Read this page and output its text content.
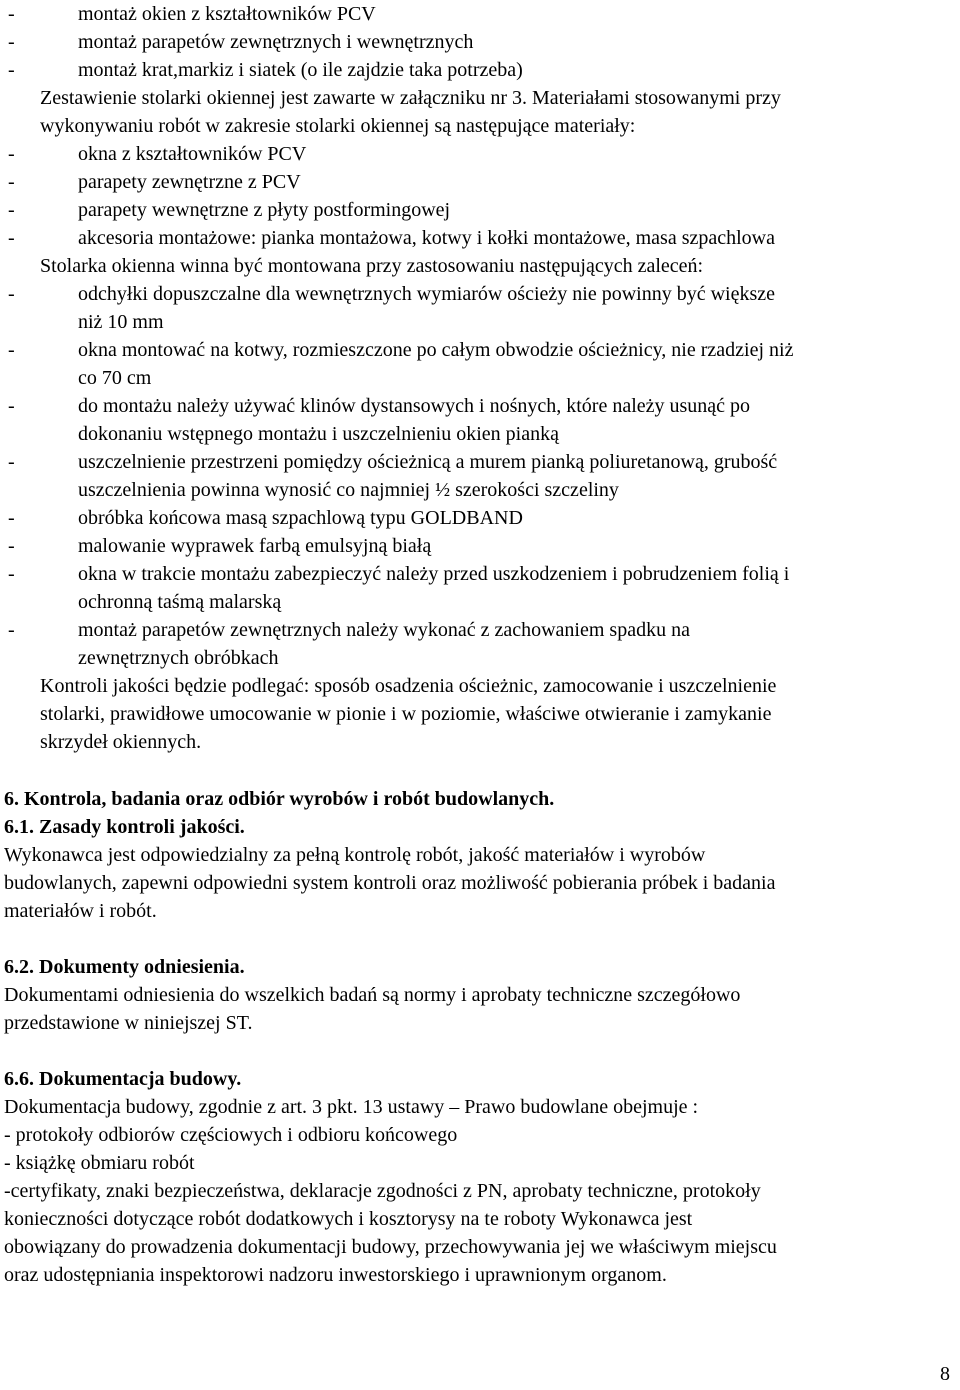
-	montaż okien z kształtowników PCV
-	montaż parapetów zewnętrznych i wewnętrznych
-	montaż krat,markiz i siatek (o ile zajdzie taka potrzeba)
Zestawienie stolarki okiennej jest zawarte w załączniku nr 3. Materiałami stosowanymi przy
wykonywaniu robót w zakresie stolarki okiennej są następujące materiały:
-	okna z kształtowników PCV
-	parapety zewnętrzne z PCV
-	parapety wewnętrzne z płyty postformingowej
-	akcesoria montażowe: pianka montażowa, kotwy i kołki montażowe, masa szpachlowa
Stolarka okienna winna być montowana przy zastosowaniu następujących zaleceń:
-	odchyłki dopuszczalne dla wewnętrznych wymiarów ościeży nie powinny być większe
niż 10 mm
-	okna montować na kotwy, rozmieszczone po całym obwodzie ościeżnicy, nie rzadziej niż
co 70 cm
-	do montażu należy używać klinów dystansowych i nośnych, które należy usunąć po
dokonaniu wstępnego montażu i uszczelnieniu okien pianką
-	uszczelnienie przestrzeni pomiędzy ościeżnicą a murem pianką poliuretanową, grubość
uszczelnienia powinna wynosić co najmniej ½ szerokości szczeliny
-	obróbka końcowa masą szpachlową typu GOLDBAND
-	malowanie wyprawek farbą emulsyjną białą
-	okna w trakcie montażu zabezpieczyć należy przed uszkodzeniem i pobrudzeniem folią i
ochronną taśmą malarską
-	montaż parapetów zewnętrznych należy wykonać z zachowaniem spadku na
zewnętrznych obróbkach
Kontroli jakości będzie podlegać: sposób osadzenia ościeżnic, zamocowanie i uszczelnienie
stolarki, prawidłowe umocowanie w pionie i w poziomie, właściwe otwieranie i zamykanie
skrzydeł okiennych.
6. Kontrola, badania oraz odbiór wyrobów i robót budowlanych.
6.1. Zasady kontroli jakości.
Wykonawca jest odpowiedzialny za pełną kontrolę robót, jakość materiałów i wyrobów
budowlanych, zapewni odpowiedni system kontroli oraz możliwość pobierania próbek i badania
materiałów i robót.
6.2. Dokumenty odniesienia.
Dokumentami odniesienia do wszelkich badań są normy i aprobaty techniczne szczegółowo
przedstawione w niniejszej ST.
6.6. Dokumentacja budowy.
Dokumentacja budowy, zgodnie z art. 3 pkt. 13 ustawy – Prawo budowlane obejmuje :
- protokoły odbiorów częściowych i odbioru końcowego
- książkę obmiaru robót
-certyfikaty, znaki bezpieczeństwa, deklaracje zgodności z PN, aprobaty techniczne, protokoły
konieczności dotyczące robót dodatkowych i kosztorysy na te roboty Wykonawca jest
obowiązany do prowadzenia dokumentacji budowy, przechowywania jej we właściwym miejscu
oraz udostępniania inspektorowi nadzoru inwestorskiego i uprawnionym organom.
8
